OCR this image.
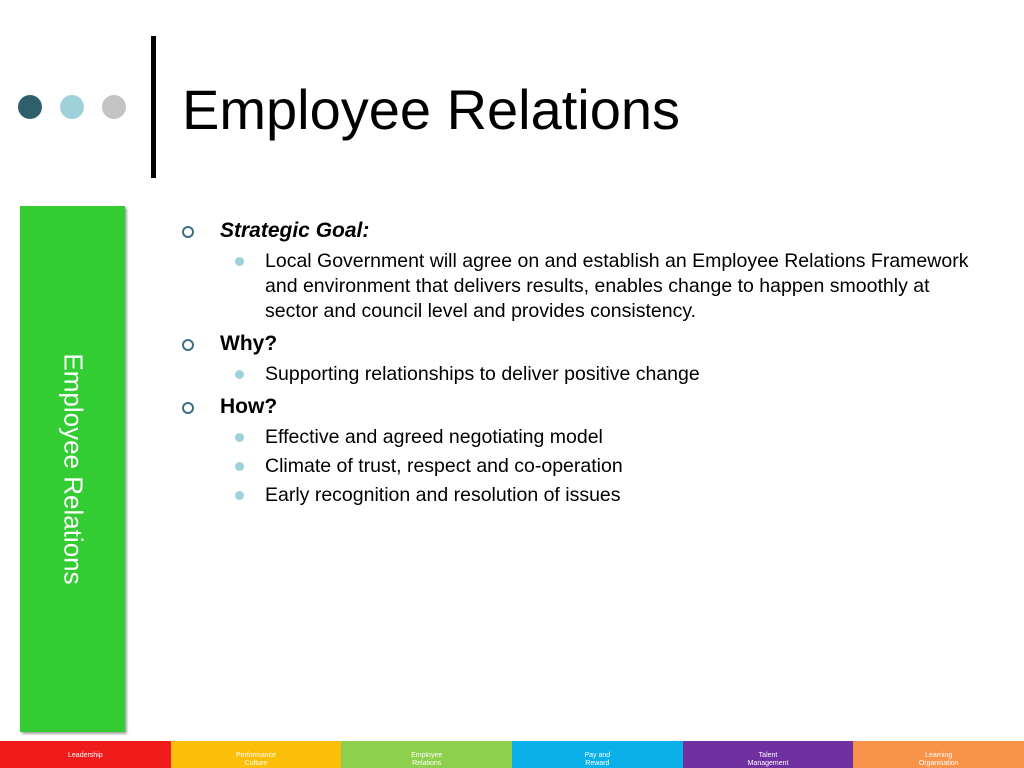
Employee Relations
Employee Relations
Strategic Goal:
Local Government will agree on and establish an Employee Relations Framework and environment that delivers results, enables change to happen smoothly at sector and council level and provides consistency.
Why?
Supporting relationships to deliver positive change
How?
Effective and agreed negotiating model
Climate of trust, respect and co-operation
Early recognition and resolution of issues
Leadership	Performance
Culture
Employee
Relations
Pay and
Reward
Talent
Management
Learning
Organisation
